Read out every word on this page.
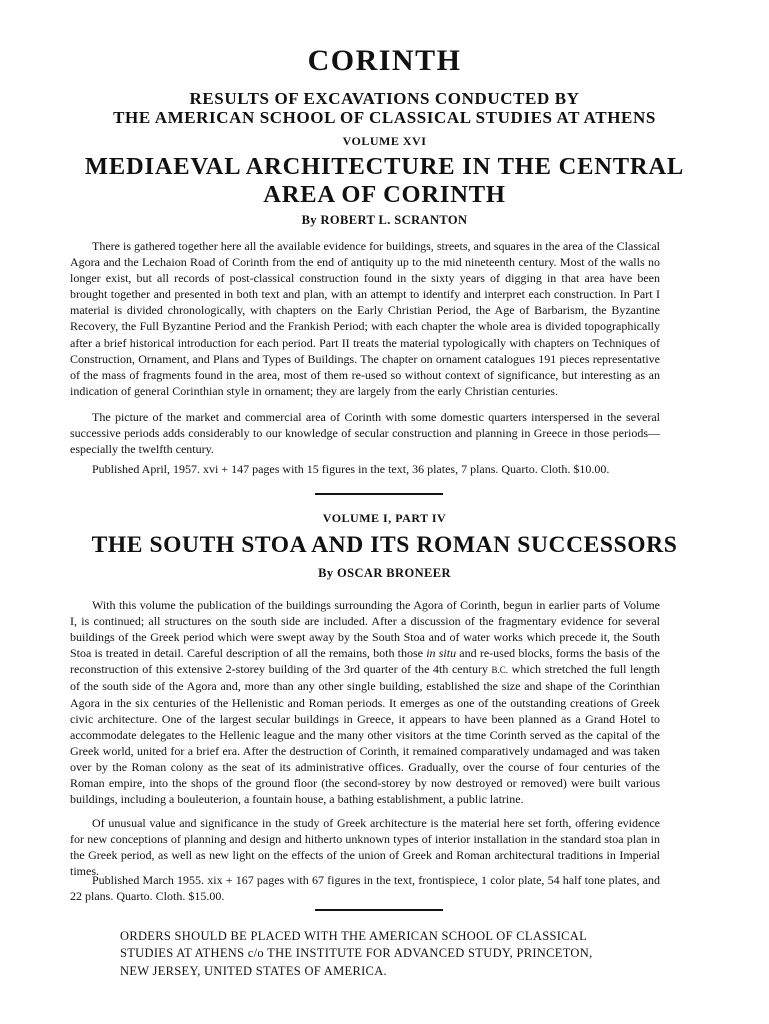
CORINTH
RESULTS OF EXCAVATIONS CONDUCTED BY
THE AMERICAN SCHOOL OF CLASSICAL STUDIES AT ATHENS
VOLUME XVI
MEDIAEVAL ARCHITECTURE IN THE CENTRAL
AREA OF CORINTH
By ROBERT L. SCRANTON

There is gathered together here all the available evidence for buildings, streets, and squares in the area of the Classical Agora and the Lechaion Road of Corinth from the end of antiquity up to the mid nineteenth century. Most of the walls no longer exist, but all records of post-classical construction found in the sixty years of digging in that area have been brought together and presented in both text and plan, with an attempt to identify and interpret each construction. In Part I material is divided chronologically, with chapters on the Early Christian Period, the Age of Barbarism, the Byzantine Recovery, the Full Byzantine Period and the Frankish Period; with each chapter the whole area is divided topographically after a brief historical introduction for each period. Part II treats the material typologically with chapters on Techniques of Construction, Ornament, and Plans and Types of Buildings. The chapter on ornament catalogues 191 pieces representative of the mass of fragments found in the area, most of them re-used so without context of significance, but interesting as an indication of general Corinthian style in ornament; they are largely from the early Christian centuries.

The picture of the market and commercial area of Corinth with some domestic quarters interspersed in the several successive periods adds considerably to our knowledge of secular construction and planning in Greece in those periods—especially the twelfth century.

Published April, 1957. xvi + 147 pages with 15 figures in the text, 36 plates, 7 plans. Quarto. Cloth. $10.00.

VOLUME I, PART IV
THE SOUTH STOA AND ITS ROMAN SUCCESSORS
By OSCAR BRONEER

With this volume the publication of the buildings surrounding the Agora of Corinth, begun in earlier parts of Volume I, is continued; all structures on the south side are included. After a discussion of the fragmentary evidence for several buildings of the Greek period which were swept away by the South Stoa and of water works which precede it, the South Stoa is treated in detail. Careful description of all the remains, both those in situ and re-used blocks, forms the basis of the reconstruction of this extensive 2-storey building of the 3rd quarter of the 4th century B.C. which stretched the full length of the south side of the Agora and, more than any other single building, established the size and shape of the Corinthian Agora in the six centuries of the Hellenistic and Roman periods. It emerges as one of the outstanding creations of Greek civic architecture. One of the largest secular buildings in Greece, it appears to have been planned as a Grand Hotel to accommodate delegates to the Hellenic league and the many other visitors at the time Corinth served as the capital of the Greek world, united for a brief era. After the destruction of Corinth, it remained comparatively undamaged and was taken over by the Roman colony as the seat of its administrative offices. Gradually, over the course of four centuries of the Roman empire, into the shops of the ground floor (the second-storey by now destroyed or removed) were built various buildings, including a bouleuterion, a fountain house, a bathing establishment, a public latrine.

Of unusual value and significance in the study of Greek architecture is the material here set forth, offering evidence for new conceptions of planning and design and hitherto unknown types of interior installation in the standard stoa plan in the Greek period, as well as new light on the effects of the union of Greek and Roman architectural traditions in Imperial times.

Published March 1955. xix + 167 pages with 67 figures in the text, frontispiece, 1 color plate, 54 half tone plates, and 22 plans. Quarto. Cloth. $15.00.

ORDERS SHOULD BE PLACED WITH THE AMERICAN SCHOOL OF CLASSICAL
STUDIES AT ATHENS c/o THE INSTITUTE FOR ADVANCED STUDY, PRINCETON,
NEW JERSEY, UNITED STATES OF AMERICA.
